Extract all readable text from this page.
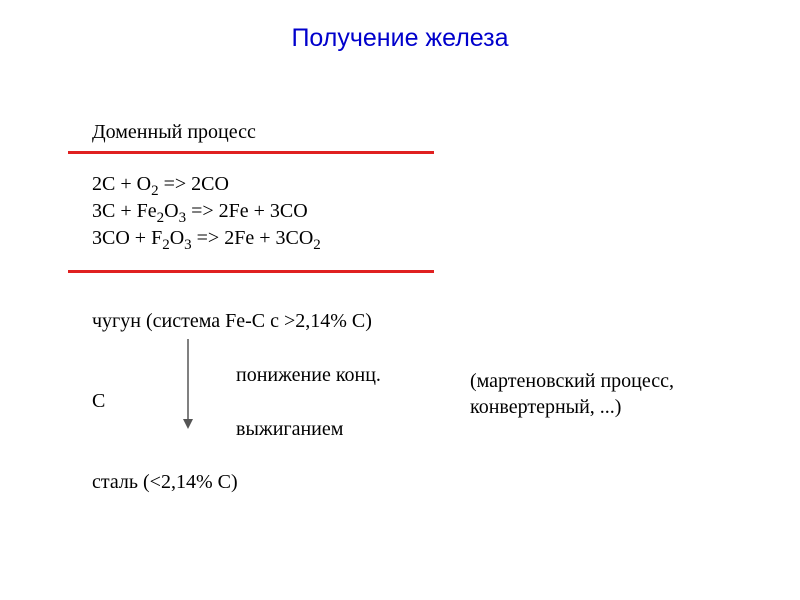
Получение железа
Доменный процесс
$2C + O_2 => 2CO$
$3C + Fe_2O_3 => 2Fe + 3CO$
$3CO + F_2O_3 => 2Fe + 3CO_2$
чугун (система Fe-C с >2,14% C)
понижение конц.
C
выжиганием
(мартеновский процесс,
конвертерный, ...)
сталь (<2,14% C)
